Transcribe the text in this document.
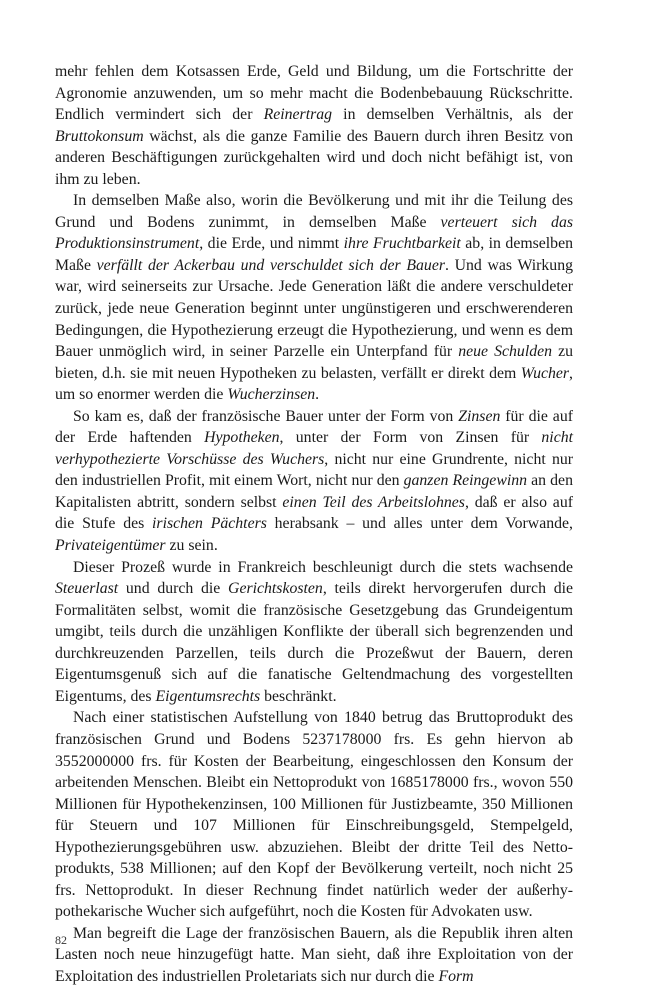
mehr fehlen dem Kotsassen Erde, Geld und Bildung, um die Fortschritte der Agronomie anzuwenden, um so mehr macht die Bodenbebauung Rückschritte. Endlich vermindert sich der Reinertrag in demselben Verhältnis, als der Bruttokonsum wächst, als die ganze Familie des Bauern durch ihren Besitz von anderen Beschäftigungen zurückgehalten wird und doch nicht befähigt ist, von ihm zu leben.

In demselben Maße also, worin die Bevölkerung und mit ihr die Teilung des Grund und Bodens zunimmt, in demselben Maße verteuert sich das Produktionsinstrument, die Erde, und nimmt ihre Fruchtbarkeit ab, in demselben Maße verfällt der Ackerbau und verschuldet sich der Bauer. Und was Wirkung war, wird seinerseits zur Ursache. Jede Generation läßt die andere verschuldeter zurück, jede neue Generation beginnt unter ungünstigeren und erschwerenderen Bedingungen, die Hypothezierung erzeugt die Hypothezierung, und wenn es dem Bauer unmöglich wird, in seiner Parzelle ein Unterpfand für neue Schulden zu bieten, d.h. sie mit neuen Hypotheken zu belasten, verfällt er direkt dem Wucher, um so enormer werden die Wucherzinsen.

So kam es, daß der französische Bauer unter der Form von Zinsen für die auf der Erde haftenden Hypotheken, unter der Form von Zinsen für nicht verhypothezierte Vorschüsse des Wuchers, nicht nur eine Grundrente, nicht nur den industriellen Profit, mit einem Wort, nicht nur den ganzen Reingewinn an den Kapitalisten abtritt, sondern selbst einen Teil des Arbeitslohnes, daß er also auf die Stufe des irischen Pächters herabsank – und alles unter dem Vorwande, Privateigentümer zu sein.

Dieser Prozeß wurde in Frankreich beschleunigt durch die stets wachsende Steuerlast und durch die Gerichtskosten, teils direkt hervorgerufen durch die Formalitäten selbst, womit die französische Gesetzgebung das Grundeigentum umgibt, teils durch die unzähligen Konflikte der überall sich begrenzenden und durchkreuzenden Parzellen, teils durch die Prozeßwut der Bauern, deren Eigentumsgenuß sich auf die fanatische Geltendmachung des vorgestellten Eigentums, des Eigentumsrechts beschränkt.

Nach einer statistischen Aufstellung von 1840 betrug das Bruttoprodukt des französischen Grund und Bodens 5237178000 frs. Es gehn hiervon ab 3552000000 frs. für Kosten der Bearbeitung, eingeschlossen den Konsum der arbeitenden Menschen. Bleibt ein Nettoprodukt von 1685178000 frs., wovon 550 Millionen für Hypothekenzinsen, 100 Millionen für Justizbeamte, 350 Millionen für Steuern und 107 Millionen für Einschreibungsgeld, Stempelgeld, Hypothezierungsgebühren usw. abzuziehen. Bleibt der dritte Teil des Nettoprodukts, 538 Millionen; auf den Kopf der Bevölkerung verteilt, noch nicht 25 frs. Nettoprodukt. In dieser Rechnung findet natürlich weder der außerhypothekarische Wucher sich aufgeführt, noch die Kosten für Advokaten usw.

Man begreift die Lage der französischen Bauern, als die Republik ihren alten Lasten noch neue hinzugefügt hatte. Man sieht, daß ihre Exploitation von der Exploitation des industriellen Proletariats sich nur durch die Form

82
